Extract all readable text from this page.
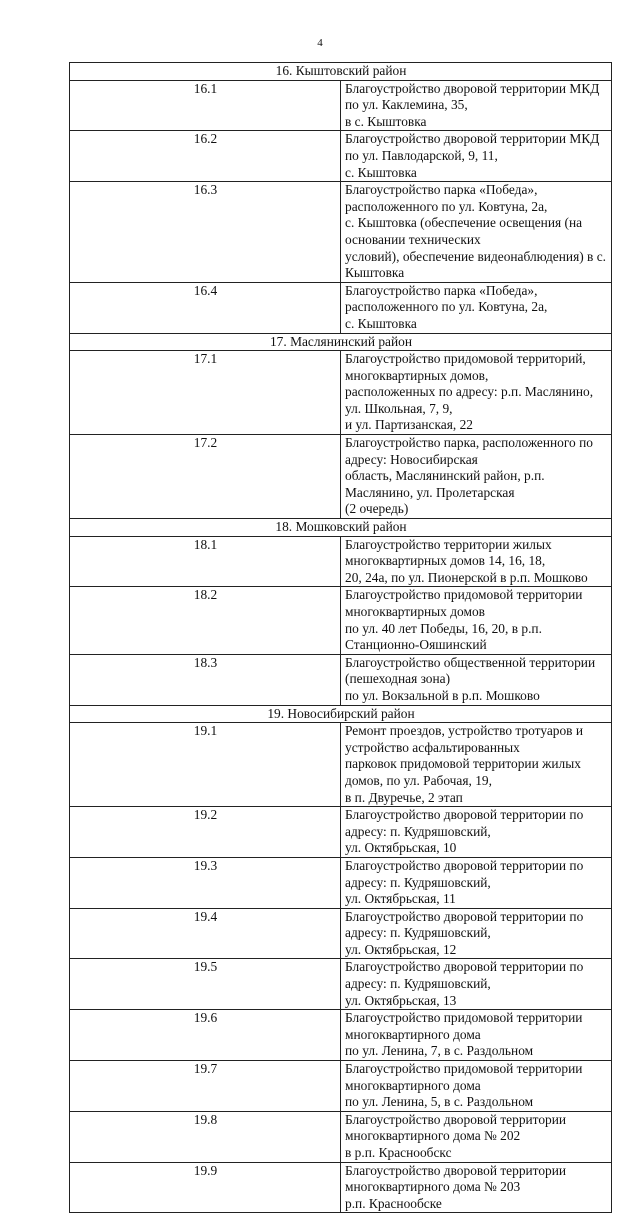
4
16. Кыштовский район	
16.1	Благоустройство дворовой территории МКД по ул. Каклемина, 35,
в с. Кыштовка

16.2	Благоустройство дворовой территории МКД по ул. Павлодарской, 9, 11,
с. Кыштовка

16.3	Благоустройство парка «Победа», расположенного по ул. Ковтуна, 2а,
с. Кыштовка (обеспечение освещения (на основании технических
условий), обеспечение видеонаблюдения) в с. Кыштовка

16.4	Благоустройство парка «Победа», расположенного по ул. Ковтуна, 2а,
с. Кыштовка

17. Маслянинский район	
17.1	Благоустройство придомовой территорий, многоквартирных домов,
расположенных по адресу: р.п. Маслянино, ул. Школьная, 7, 9,
и ул. Партизанская, 22

17.2	Благоустройство парка, расположенного по адресу: Новосибирская
область, Маслянинский район, р.п. Маслянино, ул. Пролетарская
(2 очередь)

18. Мошковский район	
18.1	Благоустройство территории жилых многоквартирных домов 14, 16, 18,
20, 24а, по ул. Пионерской в р.п. Мошково

18.2	Благоустройство придомовой территории многоквартирных домов
по ул. 40 лет Победы, 16, 20, в р.п. Станционно-Ояшинский

18.3	Благоустройство общественной территории (пешеходная зона)
по ул. Вокзальной в р.п. Мошково

19. Новосибирский район	
19.1	Ремонт проездов, устройство тротуаров и устройство асфальтированных
парковок придомовой территории жилых домов, по ул. Рабочая, 19,
в п. Двуречье, 2 этап

19.2	Благоустройство дворовой территории по адресу: п. Кудряшовский,
ул. Октябрьская, 10

19.3	Благоустройство дворовой территории по адресу: п. Кудряшовский,
ул. Октябрьская, 11

19.4	Благоустройство дворовой территории по адресу: п. Кудряшовский,
ул. Октябрьская, 12

19.5	Благоустройство дворовой территории по адресу: п. Кудряшовский,
ул. Октябрьская, 13

19.6	Благоустройство придомовой территории многоквартирного дома
по ул. Ленина, 7, в с. Раздольном

19.7	Благоустройство придомовой территории многоквартирного дома
по ул. Ленина, 5, в с. Раздольном

19.8	Благоустройство дворовой территории многоквартирного дома № 202
в р.п. Краснообскс

19.9	Благоустройство дворовой территории многоквартирного дома № 203
р.п. Краснообске
